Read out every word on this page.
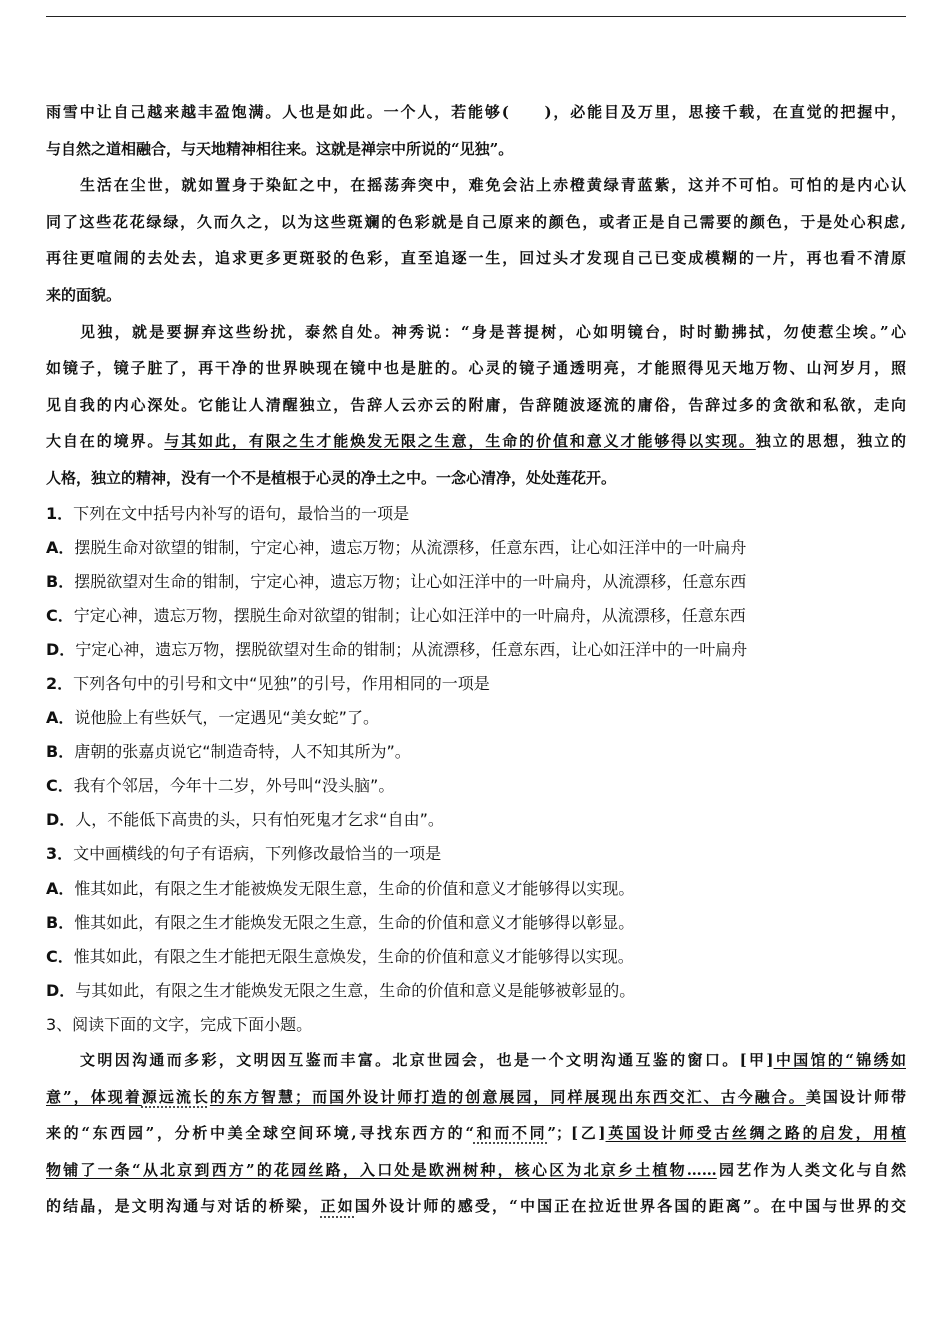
雨雪中让自己越来越丰盈饱满。人也是如此。一个人，若能够(　　)，必能目及万里，思接千载，在直觉的把握中，
与自然之道相融合，与天地精神相往来。这就是禅宗中所说的“见独”。
生活在尘世，就如置身于染缸之中，在摇荡奔突中，难免会沾上赤橙黄绿青蓝紫，这并不可怕。可怕的是内心认
同了这些花花绿绿，久而久之，以为这些斑斓的色彩就是自己原来的颜色，或者正是自己需要的颜色，于是处心积虑,
再往更喧闹的去处去，追求更多更斑驳的色彩，直至追逐一生，回过头才发现自己已变成模糊的一片，再也看不清原
来的面貌。
见独，就是要摒弃这些纷扰，泰然自处。神秀说：“身是菩提树，心如明镜台，时时勤拂拭，勿使惹尘埃。”心
如镜子，镜子脏了，再干净的世界映现在镜中也是脏的。心灵的镜子通透明亮，才能照得见天地万物、山河岁月，照
见自我的内心深处。它能让人清醒独立，告辞人云亦云的附庸，告辞随波逐流的庸俗，告辞过多的贪欲和私欲，走向
大自在的境界。与其如此，有限之生才能焕发无限之生意，生命的价值和意义才能够得以实现。独立的思想，独立的
人格，独立的精神，没有一个不是植根于心灵的净土之中。一念心清净，处处莲花开。
1．下列在文中括号内补写的语句，最恰当的一项是
A．摆脱生命对欲望的钳制，宁定心神，遗忘万物；从流漂移，任意东西，让心如汪洋中的一叶扁舟
B．摆脱欲望对生命的钳制，宁定心神，遗忘万物；让心如汪洋中的一叶扁舟，从流漂移，任意东西
C．宁定心神，遗忘万物，摆脱生命对欲望的钳制；让心如汪洋中的一叶扁舟，从流漂移，任意东西
D．宁定心神，遗忘万物，摆脱欲望对生命的钳制；从流漂移，任意东西，让心如汪洋中的一叶扁舟
2．下列各句中的引号和文中“见独”的引号，作用相同的一项是
A．说他脸上有些妖气，一定遇见“美女蛇”了。
B．唐朝的张嘉贞说它“制造奇特，人不知其所为”。
C．我有个邻居，今年十二岁，外号叫“没头脑”。
D．人，不能低下高贵的头，只有怕死鬼才乞求“自由”。
3．文中画横线的句子有语病，下列修改最恰当的一项是
A．惟其如此，有限之生才能被焕发无限生意，生命的价值和意义才能够得以实现。
B．惟其如此，有限之生才能焕发无限之生意，生命的价值和意义才能够得以彰显。
C．惟其如此，有限之生才能把无限生意焕发，生命的价值和意义才能够得以实现。
D．与其如此，有限之生才能焕发无限之生意，生命的价值和意义是能够被彰显的。
3、阅读下面的文字，完成下面小题。
文明因沟通而多彩，文明因互鉴而丰富。北京世园会，也是一个文明沟通互鉴的窗口。[甲]中国馆的“锦绣如
意”，体现着源远流长的东方智慧；而国外设计师打造的创意展园，同样展现出东西交汇、古今融合。美国设计师带
来的“东西园”，分析中美全球空间环境,寻找东西方的“和而不同”；[乙]英国设计师受古丝绸之路的启发，用植
物铺了一条“从北京到西方”的花园丝路，入口处是欧洲树种，核心区为北京乡土植物……园艺作为人类文化与自然
的结晶，是文明沟通与对话的桥梁，正如国外设计师的感受，“中国正在拉近世界各国的距离”。在中国与世界的交
